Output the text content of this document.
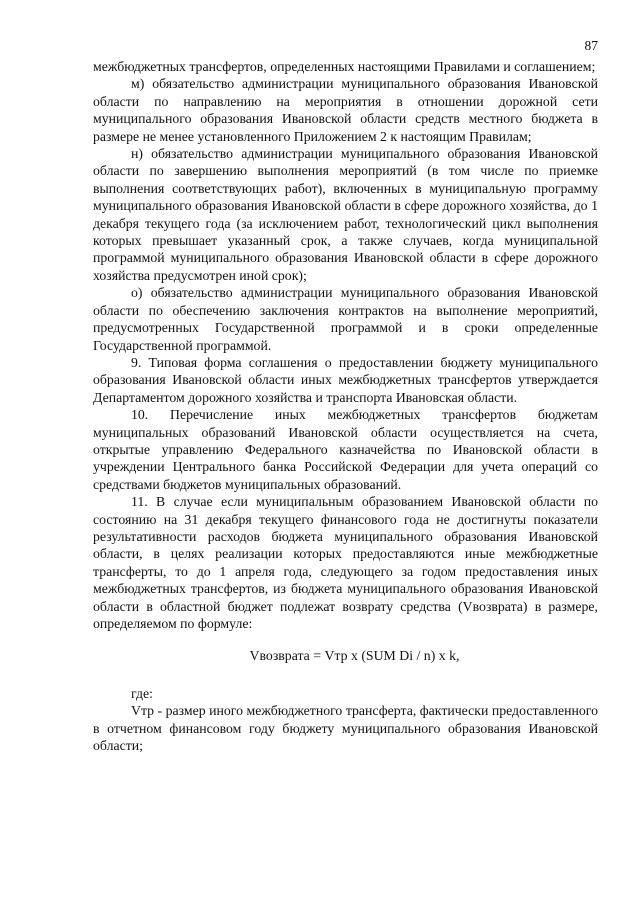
87

межбюджетных трансфертов, определенных настоящими Правилами и соглашением;

м) обязательство администрации муниципального образования Ивановской области по направлению на мероприятия в отношении дорожной сети муниципального образования Ивановской области средств местного бюджета в размере не менее установленного Приложением 2 к настоящим Правилам;

н) обязательство администрации муниципального образования Ивановской области по завершению выполнения мероприятий (в том числе по приемке выполнения соответствующих работ), включенных в муниципальную программу муниципального образования Ивановской области в сфере дорожного хозяйства, до 1 декабря текущего года (за исключением работ, технологический цикл выполнения которых превышает указанный срок, а также случаев, когда муниципальной программой муниципального образования Ивановской области в сфере дорожного хозяйства предусмотрен иной срок);

о) обязательство администрации муниципального образования Ивановской области по обеспечению заключения контрактов на выполнение мероприятий, предусмотренных Государственной программой и в сроки определенные Государственной программой.

9. Типовая форма соглашения о предоставлении бюджету муниципального образования Ивановской области иных межбюджетных трансфертов утверждается Департаментом дорожного хозяйства и транспорта Ивановская области.

10. Перечисление иных межбюджетных трансфертов бюджетам муниципальных образований Ивановской области осуществляется на счета, открытые управлению Федерального казначейства по Ивановской области в учреждении Центрального банка Российской Федерации для учета операций со средствами бюджетов муниципальных образований.

11. В случае если муниципальным образованием Ивановской области по состоянию на 31 декабря текущего финансового года не достигнуты показатели результативности расходов бюджета муниципального образования Ивановской области, в целях реализации которых предоставляются иные межбюджетные трансферты, то до 1 апреля года, следующего за годом предоставления иных межбюджетных трансфертов, из бюджета муниципального образования Ивановской области в областной бюджет подлежат возврату средства (Vвозврата) в размере, определяемом по формуле:

Vвозврата = Vтр x (SUM Di / n) x k,

где:

Vтр - размер иного межбюджетного трансферта, фактически предоставленного в отчетном финансовом году бюджету муниципального образования Ивановской области;
